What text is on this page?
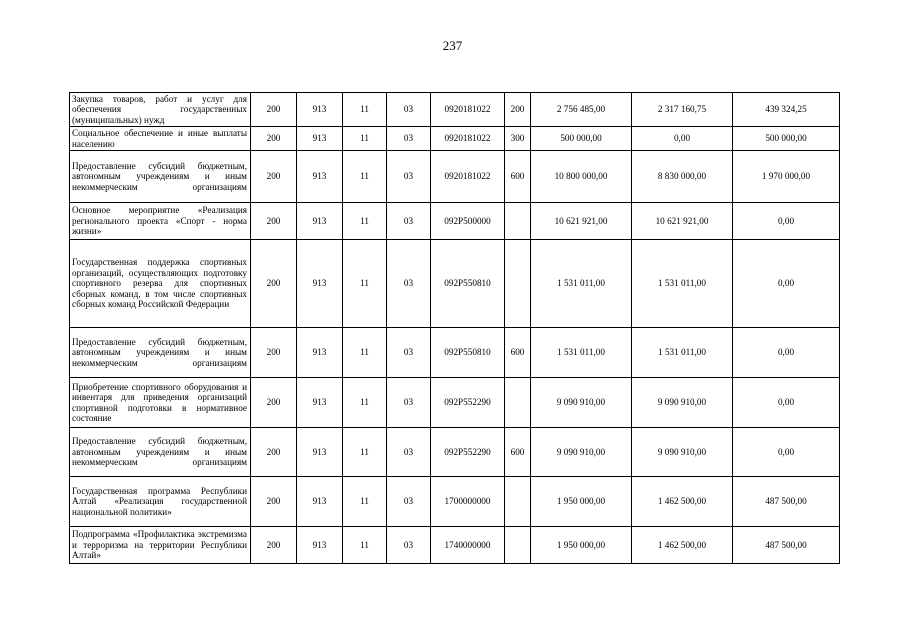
237
Закупка товаров, работ и услуг для обеспечения государственных (муниципальных) нужд	200	913	11	03	0920181022	200	2 756 485,00	2 317 160,75	439 324,25
Социальное обеспечение и иные выплаты населению	200	913	11	03	0920181022	300	500 000,00	0,00	500 000,00
Предоставление субсидий бюджетным, автономным учреждениям и иным некоммерческим организациям	200	913	11	03	0920181022	600	10 800 000,00	8 830 000,00	1 970 000,00
Основное мероприятие «Реализация регионального проекта «Спорт - норма жизни»	200	913	11	03	092P500000		10 621 921,00	10 621 921,00	0,00
Государственная поддержка спортивных организаций, осуществляющих подготовку спортивного резерва для спортивных сборных команд, в том числе спортивных сборных команд Российской Федерации	200	913	11	03	092P550810		1 531 011,00	1 531 011,00	0,00
Предоставление субсидий бюджетным, автономным учреждениям и иным некоммерческим организациям	200	913	11	03	092P550810	600	1 531 011,00	1 531 011,00	0,00
Приобретение спортивного оборудования и инвентаря для приведения организаций спортивной подготовки в нормативное состояние	200	913	11	03	092P552290		9 090 910,00	9 090 910,00	0,00
Предоставление субсидий бюджетным, автономным учреждениям и иным некоммерческим организациям	200	913	11	03	092P552290	600	9 090 910,00	9 090 910,00	0,00
Государственная программа Республики Алтай «Реализация государственной национальной политики»	200	913	11	03	1700000000		1 950 000,00	1 462 500,00	487 500,00
Подпрограмма «Профилактика экстремизма и терроризма на территории Республики Алтай»	200	913	11	03	1740000000		1 950 000,00	1 462 500,00	487 500,00
